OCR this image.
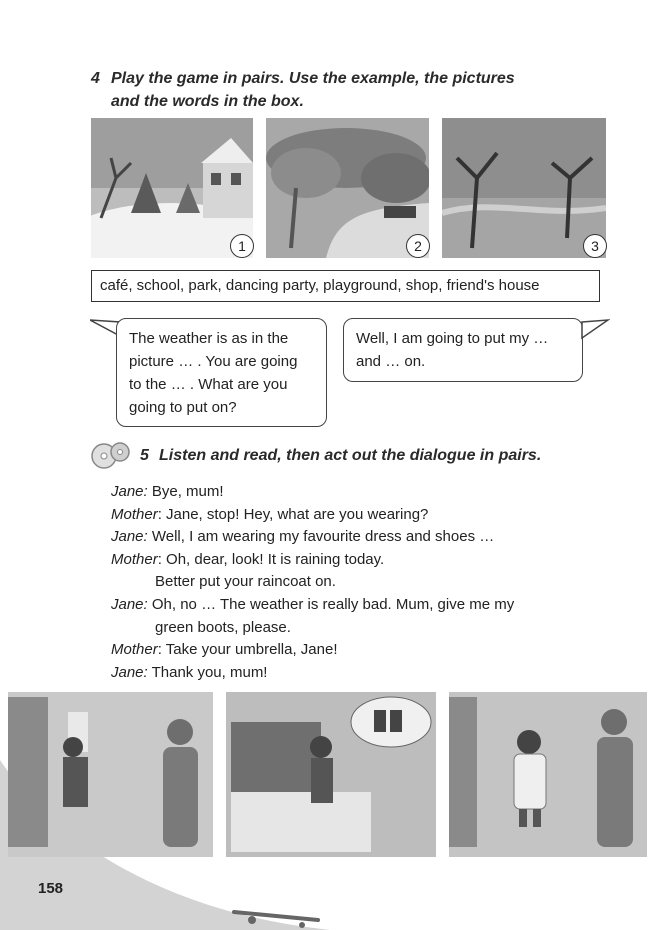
4 Play the game in pairs. Use the example, the pictures
and the words in the box.
1	2	3
café, school, park, dancing party, playground, shop, friend's house
The weather is as in the
picture … . You are going
to the … . What are you
going to put on?
Well, I am going to put my …
and … on.
5 Listen and read, then act out the dialogue in pairs.
Jane: Bye, mum!
Mother: Jane, stop! Hey, what are you wearing?
Jane: Well, I am wearing my favourite dress and shoes …
Mother: Oh, dear, look! It is raining today.
Better put your raincoat on.
Jane: Oh, no … The weather is really bad. Mum, give me my
green boots, please.
Mother: Take your umbrella, Jane!
Jane: Thank you, mum!
158
